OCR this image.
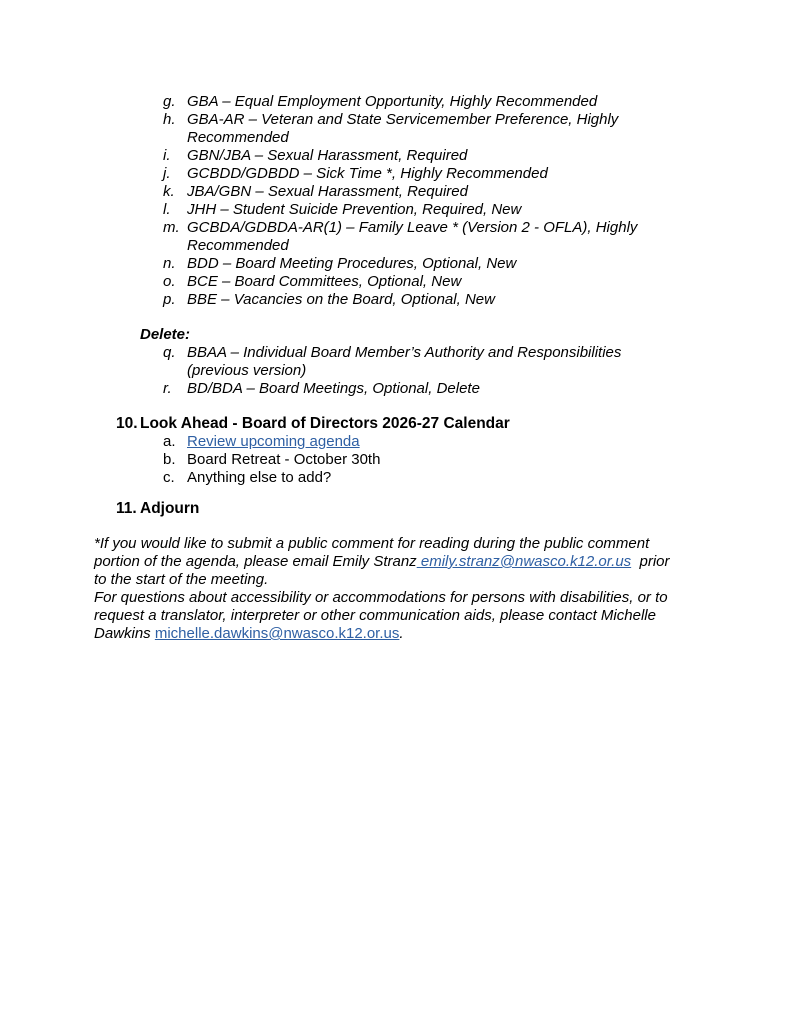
g. GBA – Equal Employment Opportunity, Highly Recommended
h. GBA-AR – Veteran and State Servicemember Preference, Highly
Recommended
i.	GBN/JBA – Sexual Harassment, Required
j.	GCBDD/GDBDD – Sick Time *, Highly Recommended
k. JBA/GBN – Sexual Harassment, Required
l.	JHH – Student Suicide Prevention, Required, New
m. GCBDA/GDBDA-AR(1) – Family Leave * (Version 2 - OFLA), Highly
Recommended
n. BDD – Board Meeting Procedures, Optional, New
o. BCE – Board Committees, Optional, New
p. BBE – Vacancies on the Board, Optional, New
Delete:
q. BBAA – Individual Board Member’s Authority and Responsibilities
(previous version)
r.	BD/BDA – Board Meetings, Optional, Delete
10. Look Ahead - Board of Directors 2026-27 Calendar
a. Review upcoming agenda
b. Board Retreat - October 30th
c. Anything else to add?
11. Adjourn
*If you would like to submit a public comment for reading during the public comment
portion of the agenda, please email Emily Stranz emily.stranz@nwasco.k12.or.us  prior
to the start of the meeting.
For questions about accessibility or accommodations for persons with disabilities, or to
request a translator, interpreter or other communication aids, please contact Michelle
Dawkins michelle.dawkins@nwasco.k12.or.us.
